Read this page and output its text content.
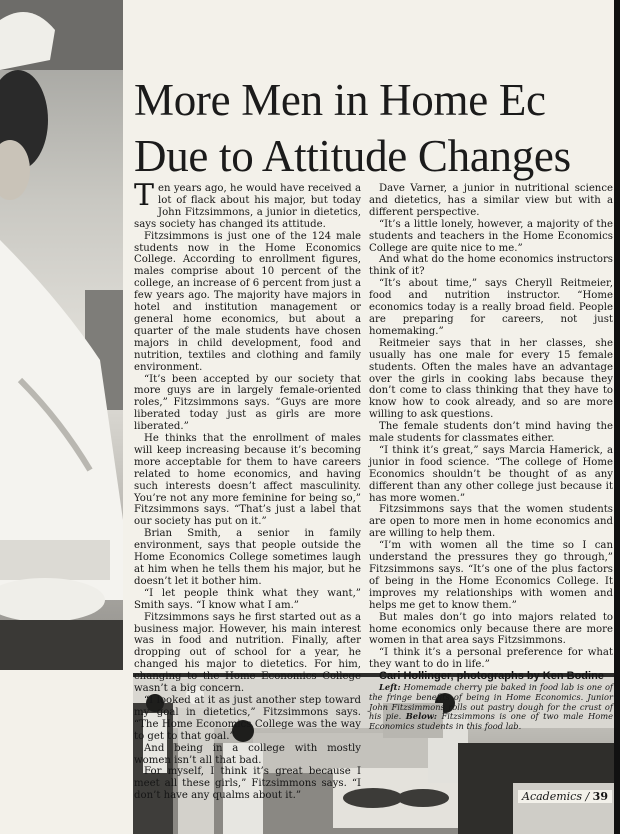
More Men in Home Ec
Due to Attitude Changes

Ten years ago, he would have received a lot of flack about his major, but today John Fitzsimmons, a junior in dietetics, says society has changed its attitude.

Fitzsimmons is just one of the 124 male students now in the Home Economics College. According to enrollment figures, males comprise about 10 percent of the college, an increase of 6 percent from just a few years ago. The majority have majors in hotel and institution management or general home economics, but about a quarter of the male students have chosen majors in child development, food and nutrition, textiles and clothing and family environment.

“It’s been accepted by our society that more guys are in largely female-oriented roles,” Fitzsimmons says. “Guys are more liberated today just as girls are more liberated.”

He thinks that the enrollment of males will keep increasing because it’s becoming more acceptable for them to have careers related to home economics, and having such interests doesn’t affect masculinity. You’re not any more feminine for being so,” Fitzsimmons says. “That’s just a label that our society has put on it.”

Brian Smith, a senior in family environment, says that people outside the Home Economics College sometimes laugh at him when he tells them his major, but he doesn’t let it bother him.

“I let people think what they want,” Smith says. “I know what I am.”

Fitzsimmons says he first started out as a business major. However, his main interest was in food and nutrition. Finally, after dropping out of school for a year, he changed his major to dietetics. For him, changing to the Home Economics College wasn’t a big concern.

“I looked at it as just another step toward my goal in dietetics,” Fitzsimmons says. “The Home Economics College was the way to get to that goal.”

And being in a college with mostly women isn’t all that bad.

For myself, I think it’s great because I meet all these girls,” Fitzsimmons says. “I don’t have any qualms about it.”

Dave Varner, a junior in nutritional science and dietetics, has a similar view but with a different perspective.

“It’s a little lonely, however, a majority of the students and teachers in the Home Economics College are quite nice to me.”

And what do the home economics instructors think of it?

“It’s about time,” says Cheryll Reitmeier, food and nutrition instructor. “Home economics today is a really broad field. People are preparing for careers, not just homemaking.”

Reitmeier says that in her classes, she usually has one male for every 15 female students. Often the males have an advantage over the girls in cooking labs because they don’t come to class thinking that they have to know how to cook already, and so are more willing to ask questions.

The female students don’t mind having the male students for classmates either.

“I think it’s great,” says Marcia Hamerick, a junior in food science. “The college of Home Economics shouldn’t be thought of as any different than any other college just because it has more women.”

Fitzsimmons says that the women students are open to more men in home economics and are willing to help them.

“I’m with women all the time so I can understand the pressures they go through,” Fitzsimmons says. “It’s one of the plus factors of being in the Home Economics College. It improves my relationships with women and helps me get to know them.”

But males don’t go into majors related to home economics only because there are more women in that area says Fitzsimmons.

“I think it’s a personal preference for what they want to do in life.”

Cari Hollinger, photographs by Ken Bodine

Left: Homemade cherry pie baked in food lab is one of the fringe benefits of being in Home Economics. Junior John Fitzsimmons rolls out pastry dough for the crust of his pie. Below: Fitzsimmons is one of two male Home Economics students in this food lab.

Academics / 39
